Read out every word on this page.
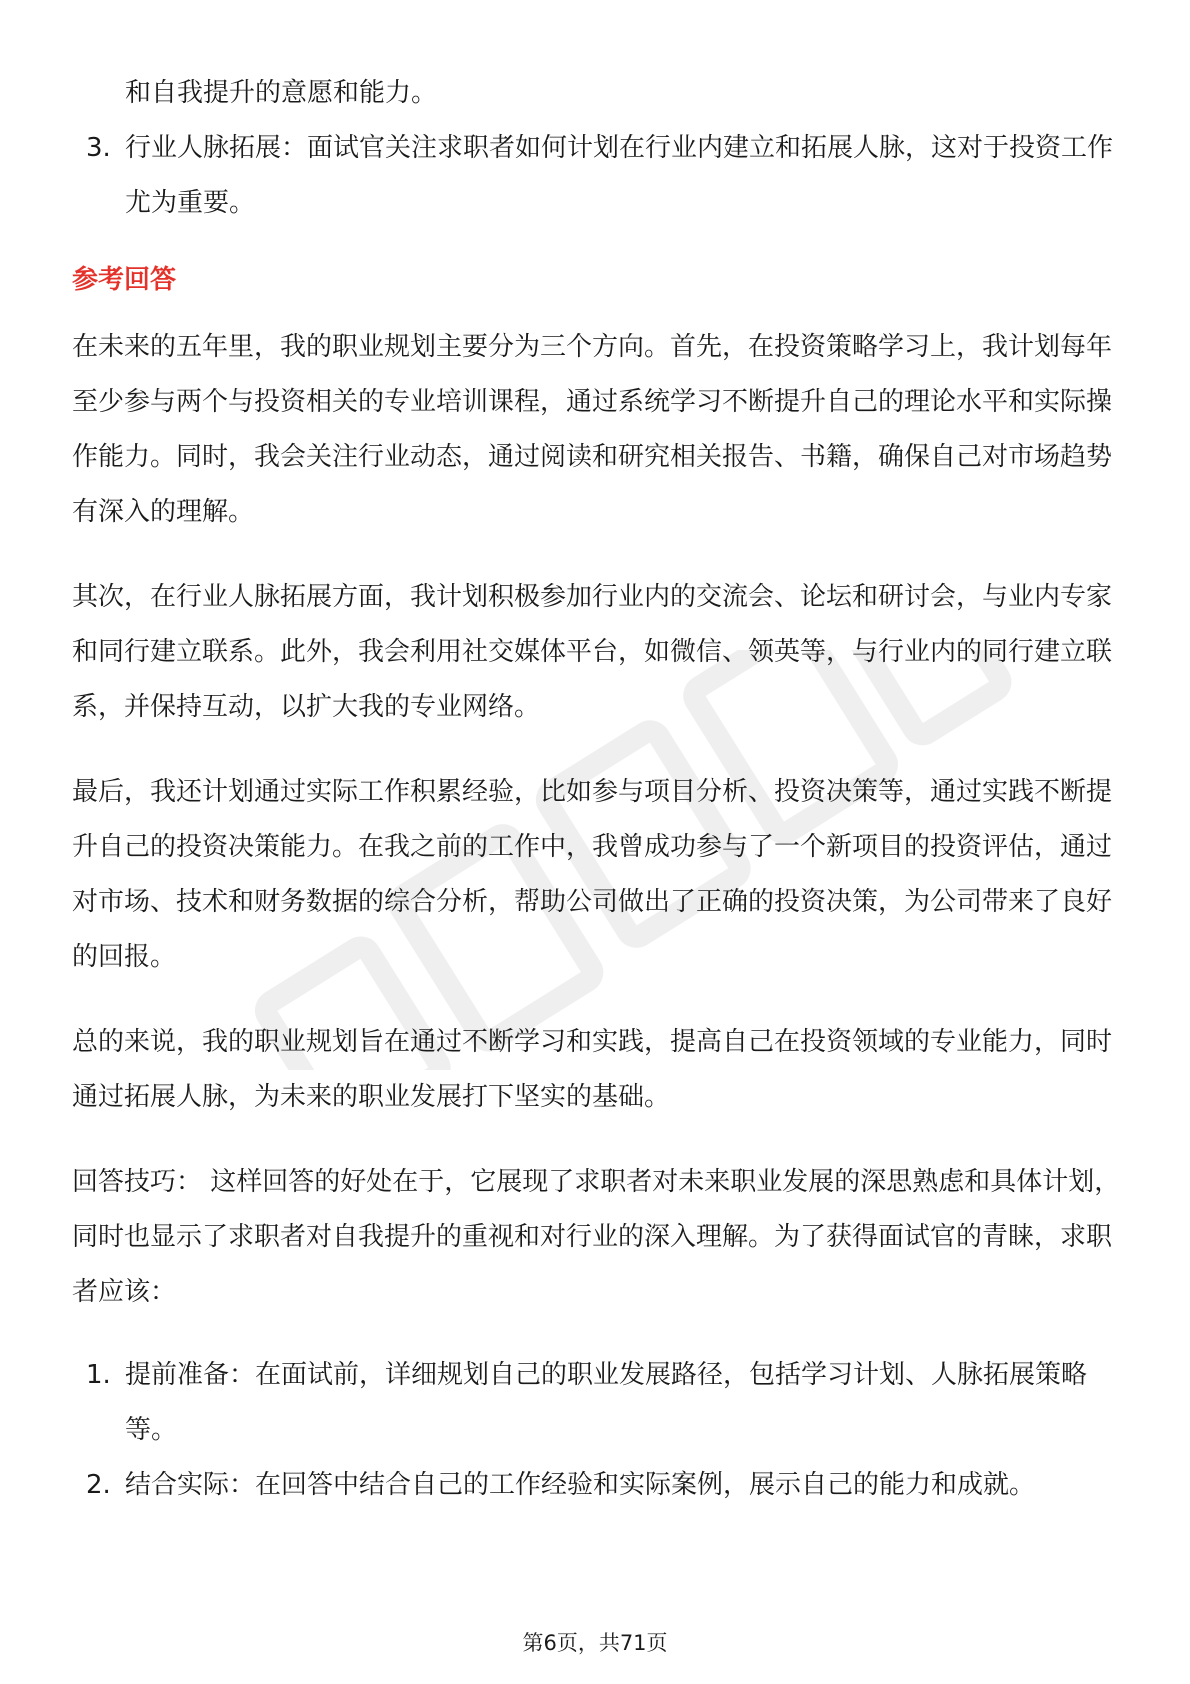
和自我提升的意愿和能力。

3. 行业人脉拓展：面试官关注求职者如何计划在行业内建立和拓展人脉，这对于投资工作尤为重要。

参考回答

在未来的五年里，我的职业规划主要分为三个方向。首先，在投资策略学习上，我计划每年至少参与两个与投资相关的专业培训课程，通过系统学习不断提升自己的理论水平和实际操作能力。同时，我会关注行业动态，通过阅读和研究相关报告、书籍，确保自己对市场趋势有深入的理解。

其次，在行业人脉拓展方面，我计划积极参加行业内的交流会、论坛和研讨会，与业内专家和同行建立联系。此外，我会利用社交媒体平台，如微信、领英等，与行业内的同行建立联系，并保持互动，以扩大我的专业网络。

最后，我还计划通过实际工作积累经验，比如参与项目分析、投资决策等，通过实践不断提升自己的投资决策能力。在我之前的工作中，我曾成功参与了一个新项目的投资评估，通过对市场、技术和财务数据的综合分析，帮助公司做出了正确的投资决策，为公司带来了良好的回报。

总的来说，我的职业规划旨在通过不断学习和实践，提高自己在投资领域的专业能力，同时通过拓展人脉，为未来的职业发展打下坚实的基础。

回答技巧： 这样回答的好处在于，它展现了求职者对未来职业发展的深思熟虑和具体计划，同时也显示了求职者对自我提升的重视和对行业的深入理解。为了获得面试官的青睐，求职者应该：

1. 提前准备：在面试前，详细规划自己的职业发展路径，包括学习计划、人脉拓展策略等。
2. 结合实际：在回答中结合自己的工作经验和实际案例，展示自己的能力和成就。
第6页，共71页
